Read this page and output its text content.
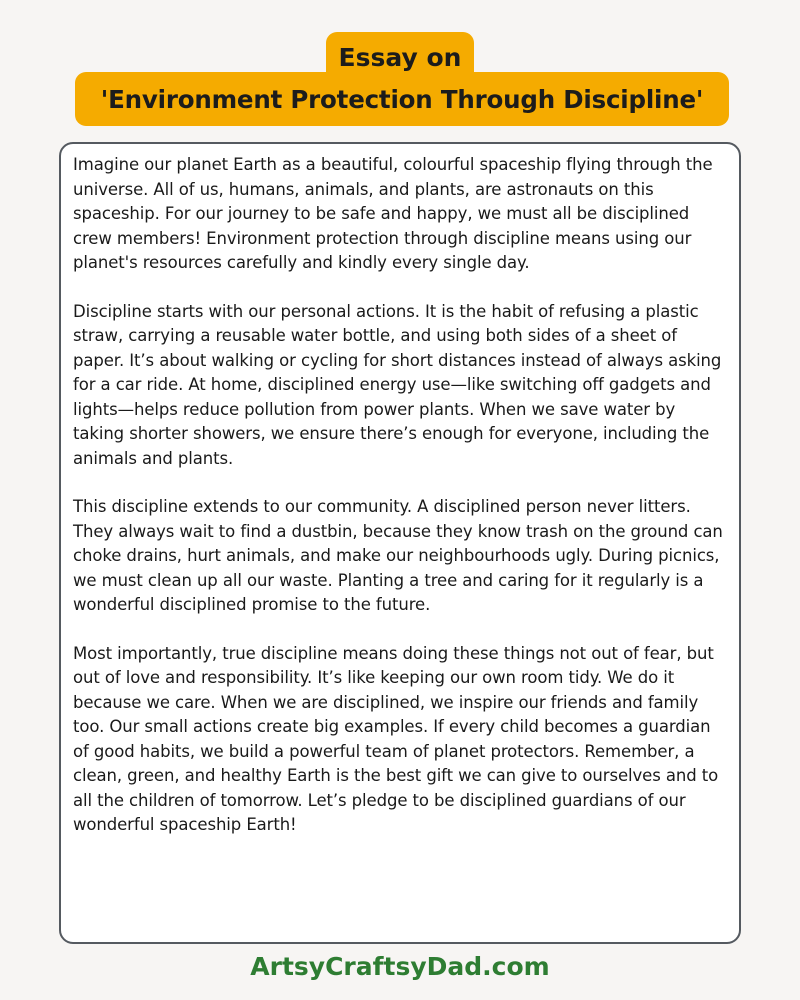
Essay on
'Environment Protection Through Discipline'

Imagine our planet Earth as a beautiful, colourful spaceship flying through the universe. All of us, humans, animals, and plants, are astronauts on this spaceship. For our journey to be safe and happy, we must all be disciplined crew members! Environment protection through discipline means using our planet's resources carefully and kindly every single day.

Discipline starts with our personal actions. It is the habit of refusing a plastic straw, carrying a reusable water bottle, and using both sides of a sheet of paper. It’s about walking or cycling for short distances instead of always asking for a car ride. At home, disciplined energy use—like switching off gadgets and lights—helps reduce pollution from power plants. When we save water by taking shorter showers, we ensure there’s enough for everyone, including the animals and plants.

This discipline extends to our community. A disciplined person never litters. They always wait to find a dustbin, because they know trash on the ground can choke drains, hurt animals, and make our neighbourhoods ugly. During picnics, we must clean up all our waste. Planting a tree and caring for it regularly is a wonderful disciplined promise to the future.

Most importantly, true discipline means doing these things not out of fear, but out of love and responsibility. It’s like keeping our own room tidy. We do it because we care. When we are disciplined, we inspire our friends and family too. Our small actions create big examples. If every child becomes a guardian of good habits, we build a powerful team of planet protectors. Remember, a clean, green, and healthy Earth is the best gift we can give to ourselves and to all the children of tomorrow. Let’s pledge to be disciplined guardians of our wonderful spaceship Earth!

ArtsyCraftsyDad.com
